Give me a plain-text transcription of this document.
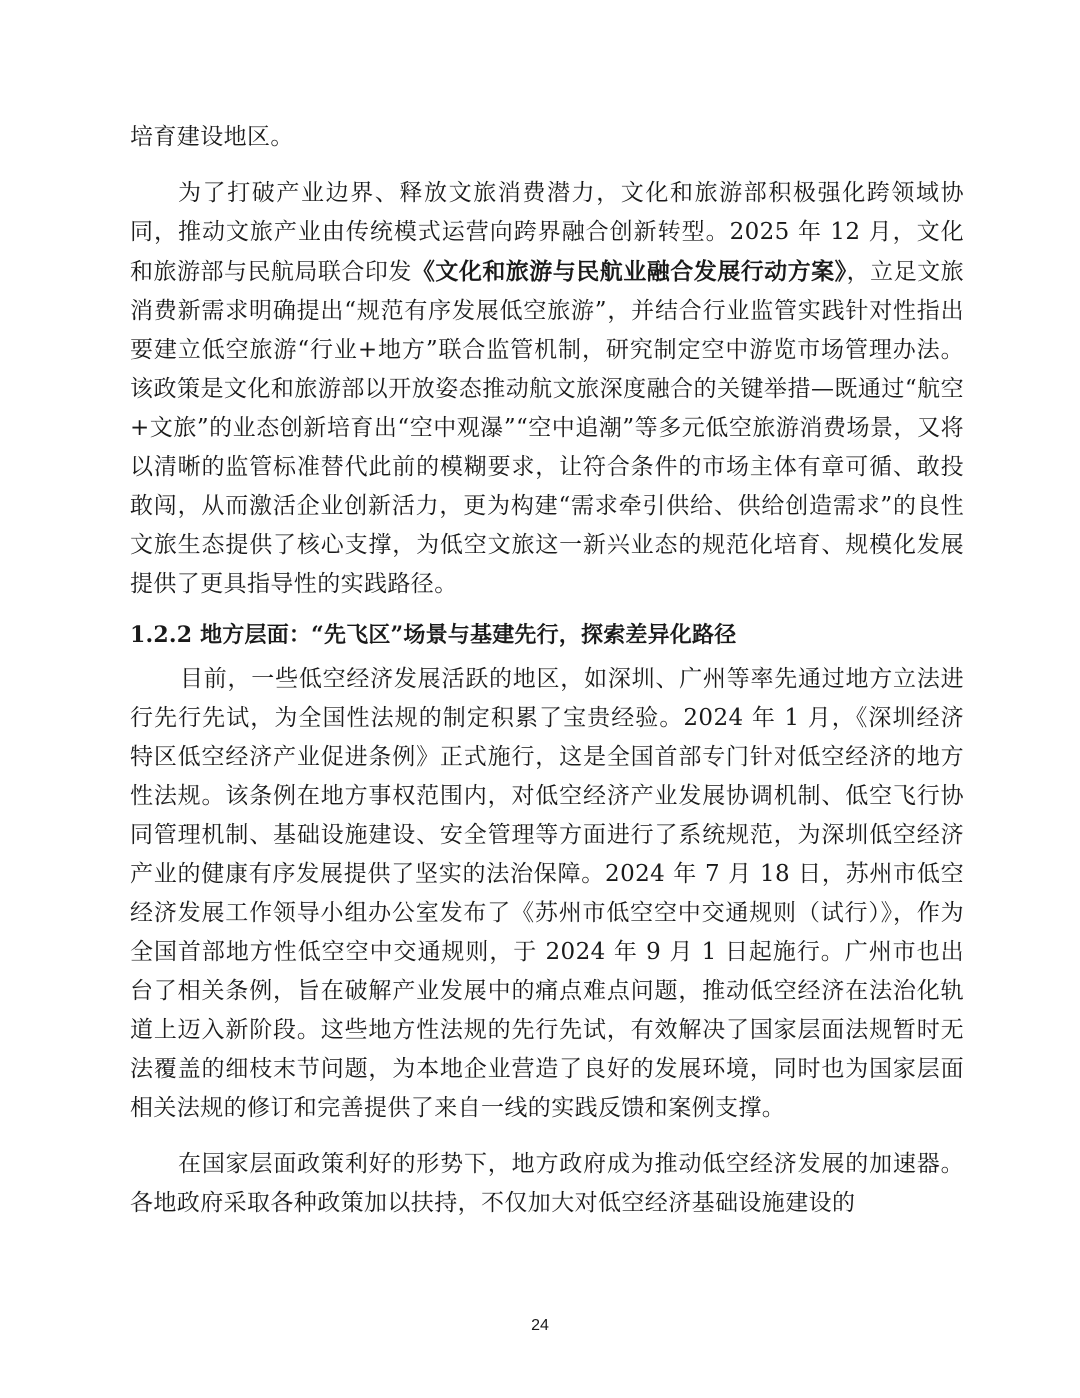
培育建设地区。

为了打破产业边界、释放文旅消费潜力，文化和旅游部积极强化跨领域协同，推动文旅产业由传统模式运营向跨界融合创新转型。2025 年 12 月，文化和旅游部与民航局联合印发《文化和旅游与民航业融合发展行动方案》，立足文旅消费新需求明确提出“规范有序发展低空旅游”，并结合行业监管实践针对性指出要建立低空旅游“行业+地方”联合监管机制，研究制定空中游览市场管理办法。该政策是文化和旅游部以开放姿态推动航文旅深度融合的关键举措—既通过“航空+文旅”的业态创新培育出“空中观瀑”“空中追潮”等多元低空旅游消费场景，又将以清晰的监管标准替代此前的模糊要求，让符合条件的市场主体有章可循、敢投敢闯，从而激活企业创新活力，更为构建“需求牵引供给、供给创造需求”的良性文旅生态提供了核心支撑，为低空文旅这一新兴业态的规范化培育、规模化发展提供了更具指导性的实践路径。

1.2.2 地方层面：“先飞区”场景与基建先行，探索差异化路径

目前，一些低空经济发展活跃的地区，如深圳、广州等率先通过地方立法进行先行先试，为全国性法规的制定积累了宝贵经验。2024 年 1 月，《深圳经济特区低空经济产业促进条例》正式施行，这是全国首部专门针对低空经济的地方性法规。该条例在地方事权范围内，对低空经济产业发展协调机制、低空飞行协同管理机制、基础设施建设、安全管理等方面进行了系统规范，为深圳低空经济产业的健康有序发展提供了坚实的法治保障。2024 年 7 月 18 日，苏州市低空经济发展工作领导小组办公室发布了《苏州市低空空中交通规则（试行）》，作为全国首部地方性低空空中交通规则，于 2024 年 9 月 1 日起施行。广州市也出台了相关条例，旨在破解产业发展中的痛点难点问题，推动低空经济在法治化轨道上迈入新阶段。这些地方性法规的先行先试，有效解决了国家层面法规暂时无法覆盖的细枝末节问题，为本地企业营造了良好的发展环境，同时也为国家层面相关法规的修订和完善提供了来自一线的实践反馈和案例支撑。

在国家层面政策利好的形势下，地方政府成为推动低空经济发展的加速器。各地政府采取各种政策加以扶持，不仅加大对低空经济基础设施建设的

24
